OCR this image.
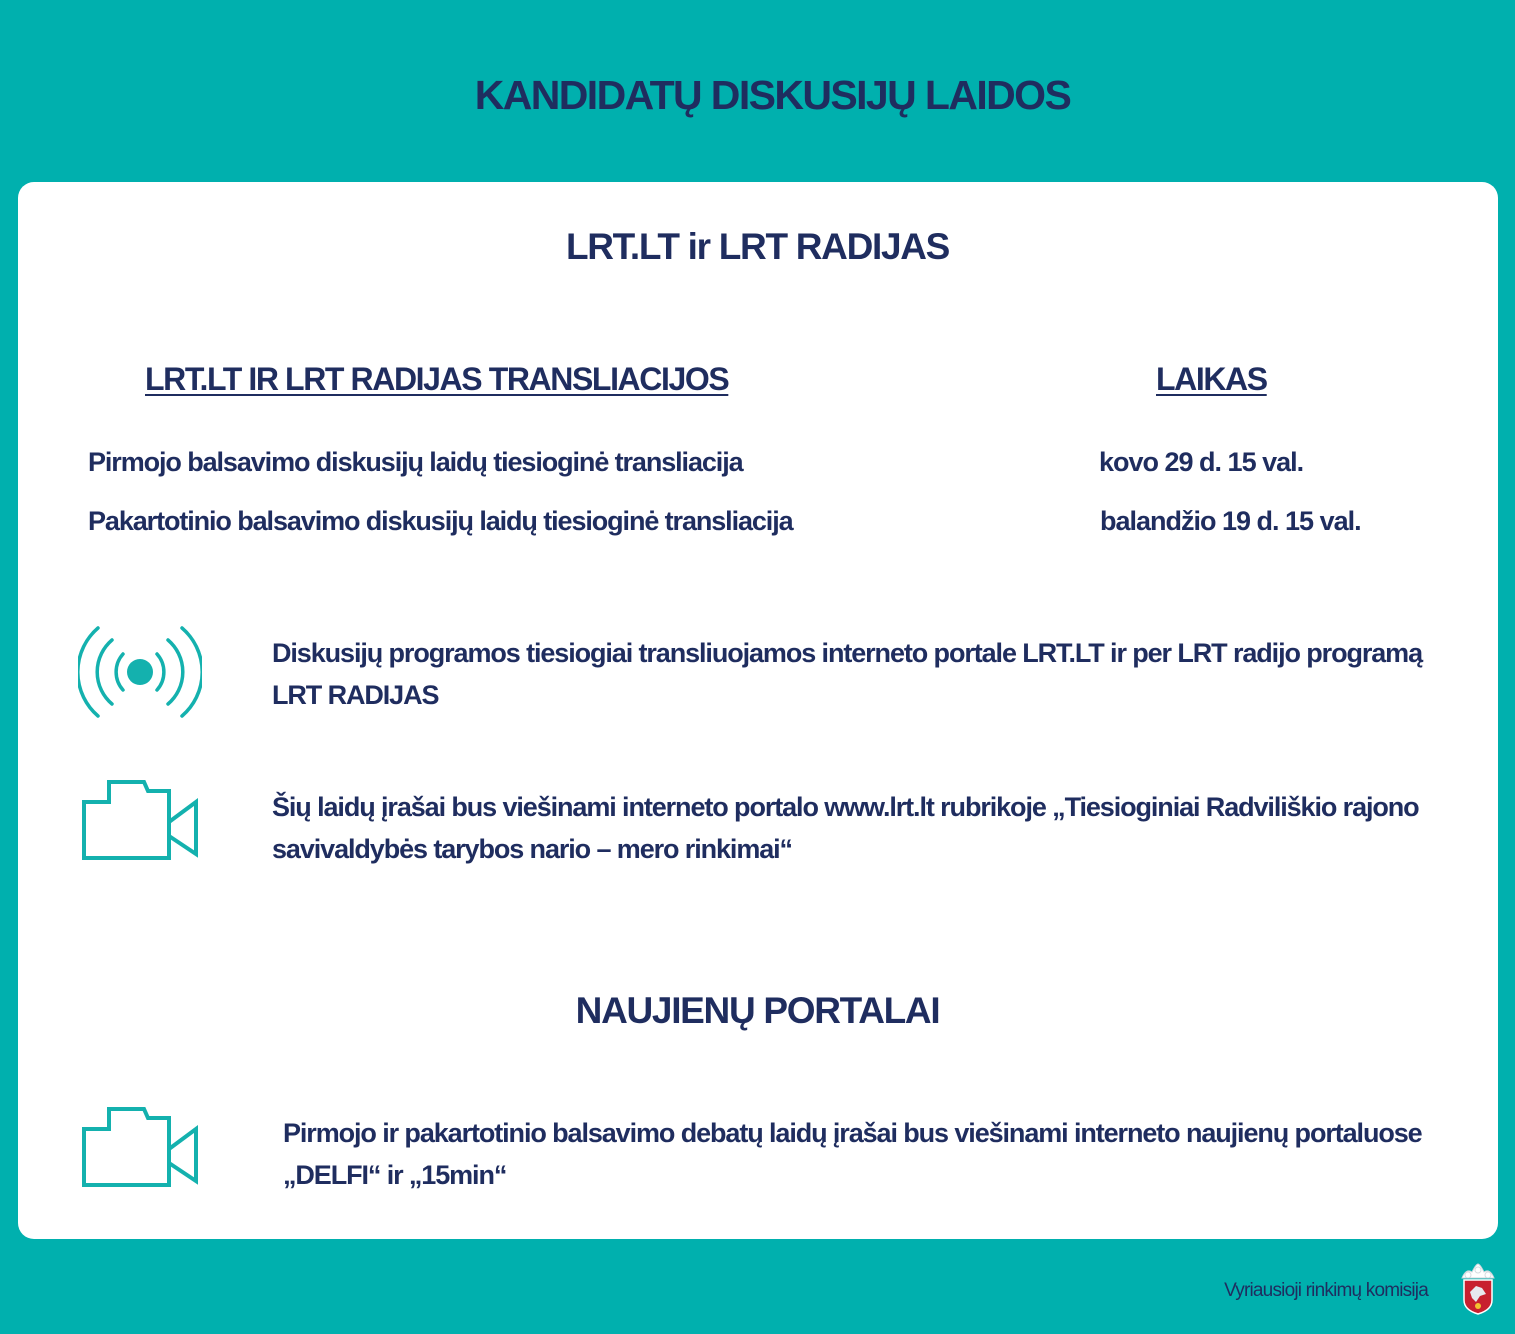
KANDIDATŲ DISKUSIJŲ LAIDOS
LRT.LT ir LRT RADIJAS
LRT.LT IR LRT RADIJAS TRANSLIACIJOS	LAIKAS
Pirmojo balsavimo diskusijų laidų tiesioginė transliacija	kovo 29 d. 15 val.
Pakartotinio balsavimo diskusijų laidų tiesioginė transliacija	balandžio 19 d. 15 val.
Diskusijų programos tiesiogiai transliuojamos interneto portale LRT.LT ir per LRT radijo programą LRT RADIJAS
Šių laidų įrašai bus viešinami interneto portalo www.lrt.lt rubrikoje „Tiesioginiai Radviliškio rajono savivaldybės tarybos nario – mero rinkimai“
NAUJIENŲ PORTALAI
Pirmojo ir pakartotinio balsavimo debatų laidų įrašai bus viešinami interneto naujienų portaluose „DELFI“ ir „15min“
Vyriausioji rinkimų komisija
